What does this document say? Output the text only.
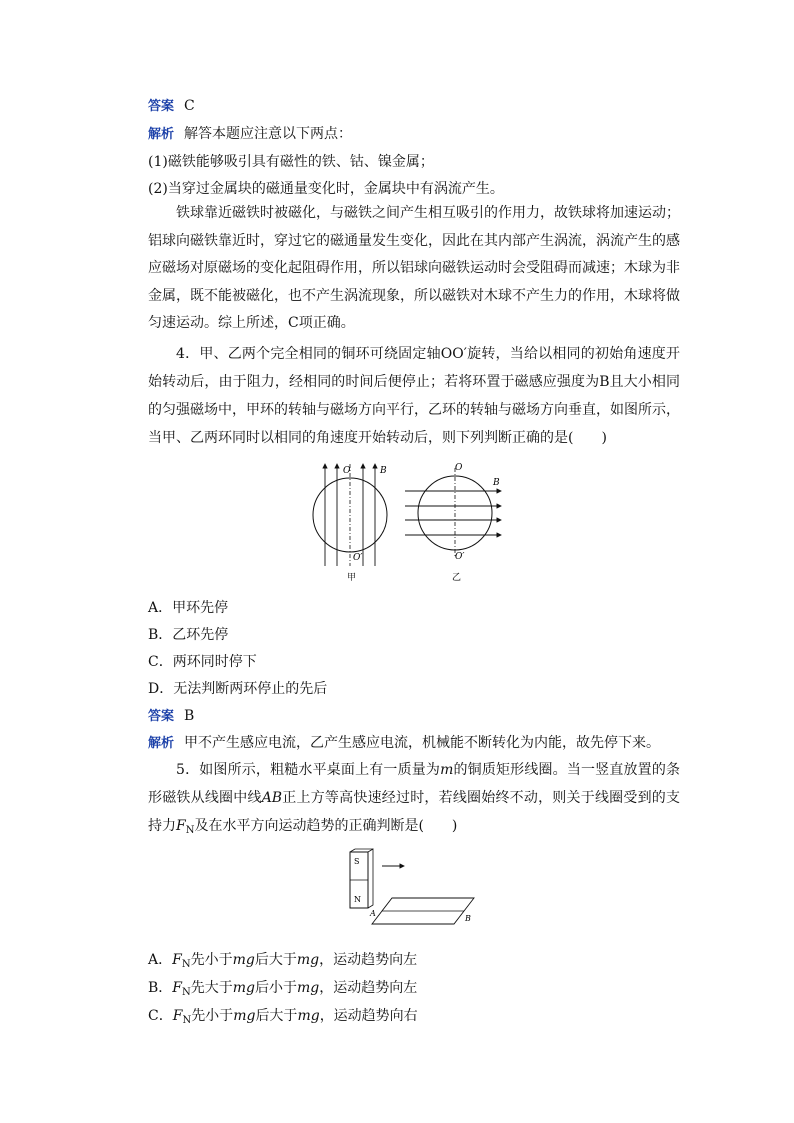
答案 C
解析 解答本题应注意以下两点：
(1)磁铁能够吸引具有磁性的铁、钴、镍金属；
(2)当穿过金属块的磁通量变化时，金属块中有涡流产生。
铁球靠近磁铁时被磁化，与磁铁之间产生相互吸引的作用力，故铁球将加速运动；铝球向磁铁靠近时，穿过它的磁通量发生变化，因此在其内部产生涡流，涡流产生的感应磁场对原磁场的变化起阻碍作用，所以铝球向磁铁运动时会受阻碍而减速；木球为非金属，既不能被磁化，也不产生涡流现象，所以磁铁对木球不产生力的作用，木球将做匀速运动。综上所述，C项正确。
4．甲、乙两个完全相同的铜环可绕固定轴OO′旋转，当给以相同的初始角速度开始转动后，由于阻力，经相同的时间后便停止；若将环置于磁感应强度为B且大小相同的匀强磁场中，甲环的转轴与磁场方向平行，乙环的转轴与磁场方向垂直，如图所示，当甲、乙两环同时以相同的角速度开始转动后，则下列判断正确的是(　　)
O
O′
B
甲
O
O′
B
乙
A．甲环先停
B．乙环先停
C．两环同时停下
D．无法判断两环停止的先后
答案 B
解析 甲不产生感应电流，乙产生感应电流，机械能不断转化为内能，故先停下来。
5．如图所示，粗糙水平桌面上有一质量为m的铜质矩形线圈。当一竖直放置的条形磁铁从线圈中线AB正上方等高快速经过时，若线圈始终不动，则关于线圈受到的支持力$F_N$及在水平方向运动趋势的正确判断是(　　)
S
N
A
B
A．$F_N$先小于mg后大于mg，运动趋势向左
B．$F_N$先大于mg后小于mg，运动趋势向左
C．$F_N$先小于mg后大于mg，运动趋势向右
